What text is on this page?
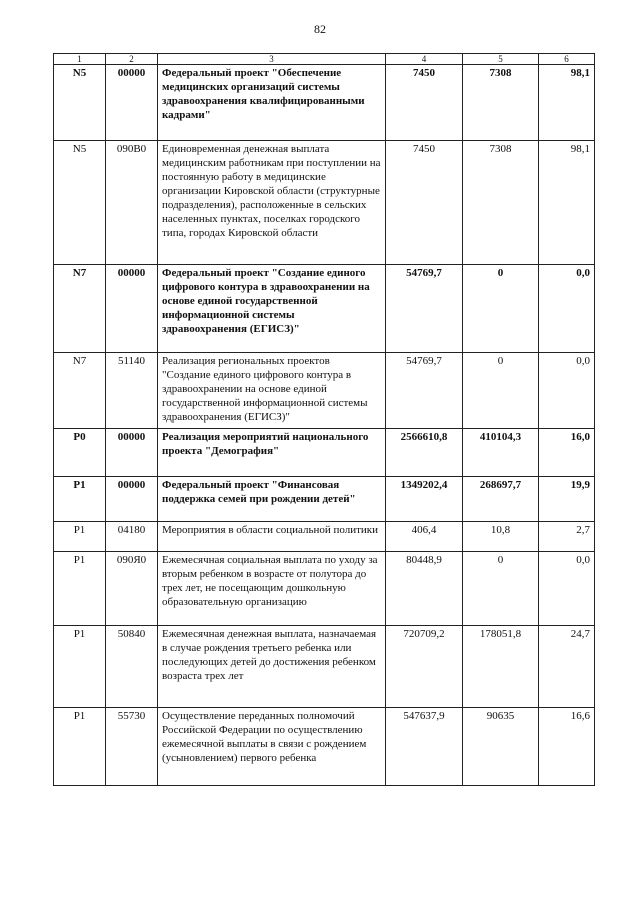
82
1	2	3	4	5	6
N5	00000	Федеральный проект "Обеспечение медицинских организаций системы здравоохранения квалифицированными кадрами"	7450	7308	98,1
N5	090В0	Единовременная денежная выплата медицинским работникам при поступлении на постоянную работу в медицинские организации Кировской области (структурные подразделения), расположенные в сельских населенных пунктах, поселках городского типа, городах Кировской области	7450	7308	98,1
N7	00000	Федеральный проект "Создание единого цифрового контура в здравоохранении на основе единой государственной информационной системы здравоохранения (ЕГИСЗ)"	54769,7	0	0,0
N7	51140	Реализация региональных проектов "Создание единого цифрового контура в здравоохранении на основе единой государственной информационной системы здравоохранения (ЕГИСЗ)"	54769,7	0	0,0
P0	00000	Реализация мероприятий национального проекта "Демография"	2566610,8	410104,3	16,0
P1	00000	Федеральный проект "Финансовая поддержка семей при рождении детей"	1349202,4	268697,7	19,9
P1	04180	Мероприятия в области социальной политики	406,4	10,8	2,7
P1	090Я0	Ежемесячная социальная выплата по уходу за вторым ребенком в возрасте от полутора до трех лет, не посещающим дошкольную образовательную организацию	80448,9	0	0,0
P1	50840	Ежемесячная денежная выплата, назначаемая в случае рождения третьего ребенка или последующих детей до достижения ребенком возраста трех лет	720709,2	178051,8	24,7
P1	55730	Осуществление переданных полномочий Российской Федерации по осуществлению ежемесячной выплаты в связи с рождением (усыновлением) первого ребенка	547637,9	90635	16,6
